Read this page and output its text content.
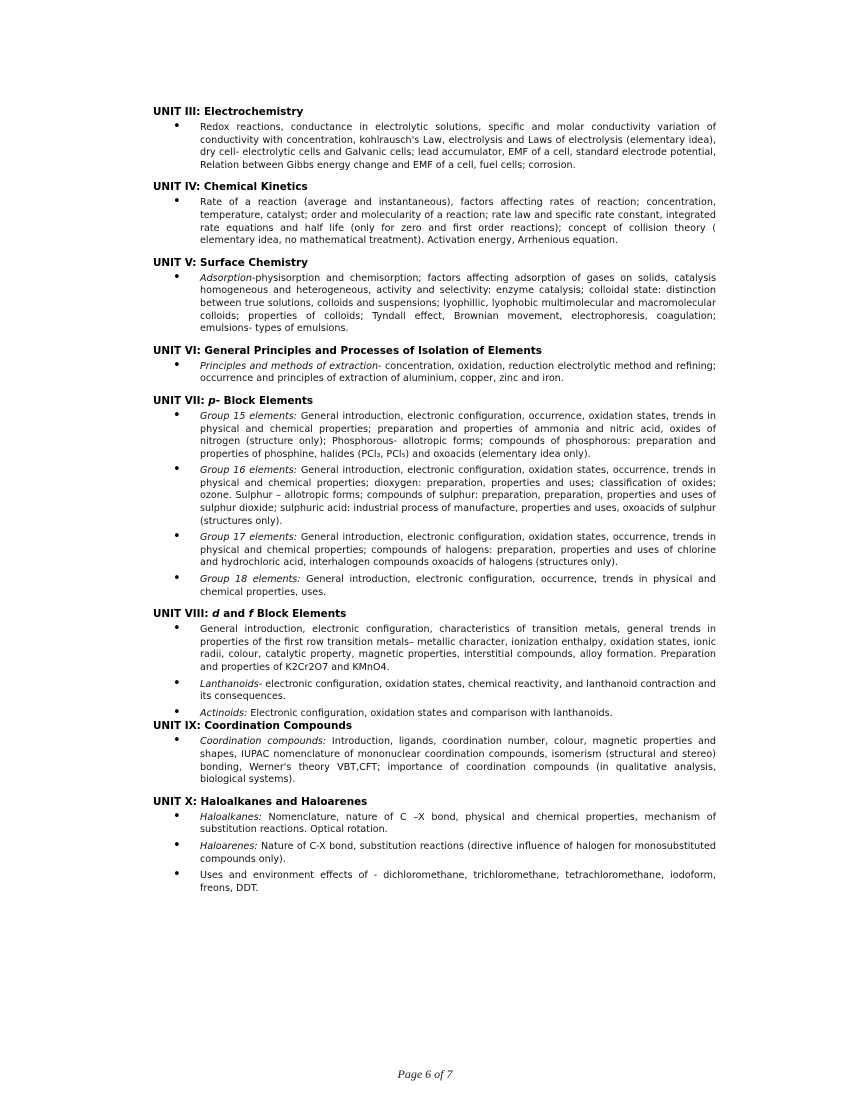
UNIT III: Electrochemistry
• Redox reactions, conductance in electrolytic solutions, specific and molar conductivity variation of conductivity with concentration, kohlrausch's Law, electrolysis and Laws of electrolysis (elementary idea), dry cell- electrolytic cells and Galvanic cells; lead accumulator, EMF of a cell, standard electrode potential, Relation between Gibbs energy change and EMF of a cell, fuel cells; corrosion.
UNIT IV: Chemical Kinetics
• Rate of a reaction (average and instantaneous), factors affecting rates of reaction; concentration, temperature, catalyst; order and molecularity of a reaction; rate law and specific rate constant, integrated rate equations and half life (only for zero and first order reactions); concept of collision theory ( elementary idea, no mathematical treatment). Activation energy, Arrhenious equation.
UNIT V: Surface Chemistry
• Adsorption-physisorption and chemisorption; factors affecting adsorption of gases on solids, catalysis homogeneous and heterogeneous, activity and selectivity: enzyme catalysis; colloidal state: distinction between true solutions, colloids and suspensions; lyophillic, lyophobic multimolecular and macromolecular colloids; properties of colloids; Tyndall effect, Brownian movement, electrophoresis, coagulation; emulsions- types of emulsions.
UNIT VI: General Principles and Processes of Isolation of Elements
• Principles and methods of extraction- concentration, oxidation, reduction electrolytic method and refining; occurrence and principles of extraction of aluminium, copper, zinc and iron.
UNIT VII: p- Block Elements
• Group 15 elements: General introduction, electronic configuration, occurrence, oxidation states, trends in physical and chemical properties; preparation and properties of ammonia and nitric acid, oxides of nitrogen (structure only); Phosphorous- allotropic forms; compounds of phosphorous: preparation and properties of phosphine, halides (PCl₃, PCl₅) and oxoacids (elementary idea only).
• Group 16 elements: General introduction, electronic configuration, oxidation states, occurrence, trends in physical and chemical properties; dioxygen: preparation, properties and uses; classification of oxides; ozone. Sulphur – allotropic forms; compounds of sulphur: preparation, preparation, properties and uses of sulphur dioxide; sulphuric acid: industrial process of manufacture, properties and uses, oxoacids of sulphur (structures only).
• Group 17 elements: General introduction, electronic configuration, oxidation states, occurrence, trends in physical and chemical properties; compounds of halogens: preparation, properties and uses of chlorine and hydrochloric acid, interhalogen compounds oxoacids of halogens (structures only).
• Group 18 elements: General introduction, electronic configuration, occurrence, trends in physical and chemical properties, uses.
UNIT VIII: d and f Block Elements
• General introduction, electronic configuration, characteristics of transition metals, general trends in properties of the first row transition metals– metallic character, ionization enthalpy, oxidation states, ionic radii, colour, catalytic property, magnetic properties, interstitial compounds, alloy formation. Preparation and properties of K2Cr2O7 and KMnO4.
• Lanthanoids- electronic configuration, oxidation states, chemical reactivity, and lanthanoid contraction and its consequences.
• Actinoids: Electronic configuration, oxidation states and comparison with lanthanoids.
UNIT IX: Coordination Compounds
• Coordination compounds: Introduction, ligands, coordination number, colour, magnetic properties and shapes, IUPAC nomenclature of mononuclear coordination compounds, isomerism (structural and stereo) bonding, Werner's theory VBT,CFT; importance of coordination compounds (in qualitative analysis, biological systems).
UNIT X: Haloalkanes and Haloarenes
• Haloalkanes: Nomenclature, nature of C –X bond, physical and chemical properties, mechanism of substitution reactions. Optical rotation.
• Haloarenes: Nature of C-X bond, substitution reactions (directive influence of halogen for monosubstituted compounds only).
• Uses and environment effects of - dichloromethane, trichloromethane, tetrachloromethane, iodoform, freons, DDT.
Page 6 of 7
